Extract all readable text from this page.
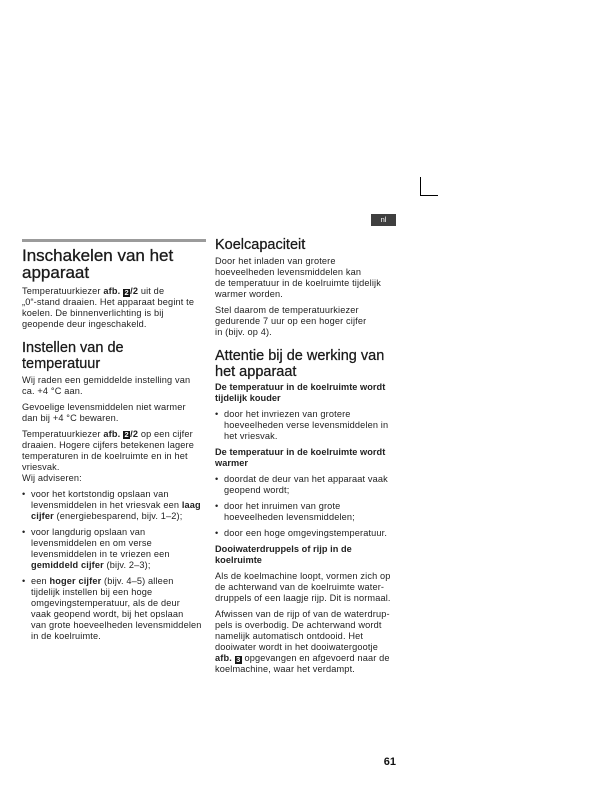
nl
Inschakelen van het
apparaat
Temperatuurkiezer afb. 2 /2 uit de
„0“-stand draaien. Het apparaat begint te
koelen. De binnenverlichting is bij
geopende deur ingeschakeld.
Instellen van de
temperatuur
Wij raden een gemiddelde instelling van
ca. +4 °C aan.
Gevoelige levensmiddelen niet warmer
dan bij +4 °C bewaren.
Temperatuurkiezer afb. 2 /2 op een cijfer
draaien. Hogere cijfers betekenen lagere
temperaturen in de koelruimte en in het
vriesvak.
Wij adviseren:
•
voor het kortstondig opslaan van
levensmiddelen in het vriesvak een laag
cijfer (energiebesparend, bijv. 1–2);
•
voor langdurig opslaan van
levensmiddelen en om verse
levensmiddelen in te vriezen een
gemiddeld cijfer (bijv. 2–3);
•
een hoger cijfer (bijv. 4–5) alleen
tijdelijk instellen bij een hoge
omgevingstemperatuur, als de deur
vaak geopend wordt, bij het opslaan
van grote hoeveelheden levensmiddelen
in de koelruimte.
Koelcapaciteit
Door het inladen van grotere
hoeveelheden levensmiddelen kan
de temperatuur in de koelruimte tijdelijk
warmer worden.
Stel daarom de temperatuurkiezer
gedurende 7 uur op een hoger cijfer
in (bijv. op 4).
Attentie bij de werking van
het apparaat
De temperatuur in de koelruimte wordt
tijdelijk kouder
•
door het invriezen van grotere
hoeveelheden verse levensmiddelen in
het vriesvak.
De temperatuur in de koelruimte wordt
warmer
•
doordat de deur van het apparaat vaak
geopend wordt;
•
door het inruimen van grote
hoeveelheden levensmiddelen;
•
door een hoge omgevingstemperatuur.
Dooiwaterdruppels of rijp in de
koelruimte
Als de koelmachine loopt, vormen zich op
de achterwand van de koelruimte water-
druppels of een laagje rijp. Dit is normaal.
Afwissen van de rijp of van de waterdrup-
pels is overbodig. De achterwand wordt
namelijk automatisch ontdooid. Het
dooiwater wordt in het dooiwatergootje
afb. 3 opgevangen en afgevoerd naar de
koelmachine, waar het verdampt.
61
